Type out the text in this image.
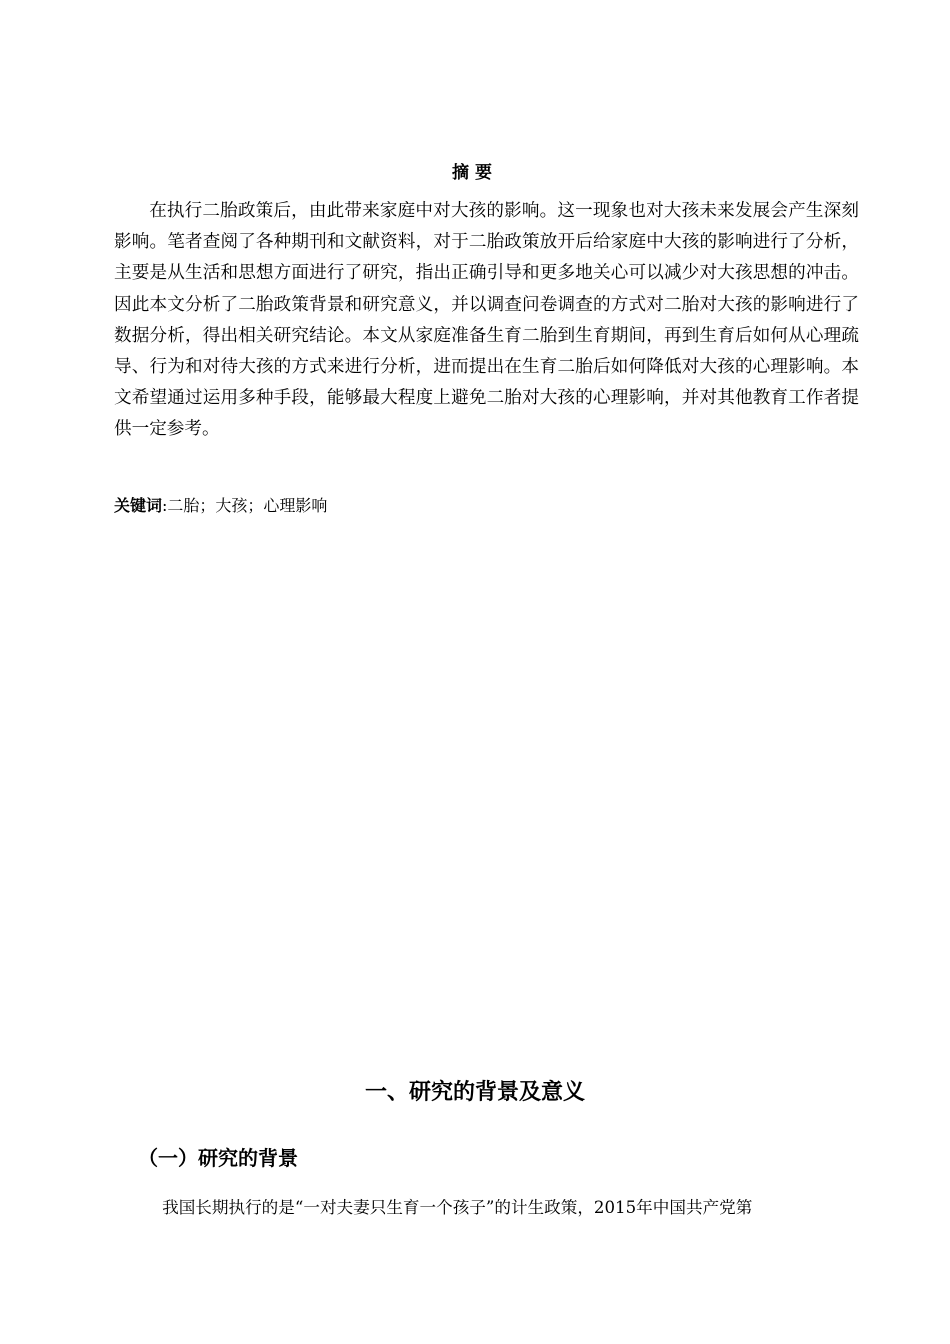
摘要

在执行二胎政策后，由此带来家庭中对大孩的影响。这一现象也对大孩未来发展会产生深刻影响。笔者查阅了各种期刊和文献资料，对于二胎政策放开后给家庭中大孩的影响进行了分析，主要是从生活和思想方面进行了研究，指出正确引导和更多地关心可以减少对大孩思想的冲击。因此本文分析了二胎政策背景和研究意义，并以调查问卷调查的方式对二胎对大孩的影响进行了数据分析，得出相关研究结论。本文从家庭准备生育二胎到生育期间，再到生育后如何从心理疏导、行为和对待大孩的方式来进行分析，进而提出在生育二胎后如何降低对大孩的心理影响。本文希望通过运用多种手段，能够最大程度上避免二胎对大孩的心理影响，并对其他教育工作者提供一定参考。

关键词:二胎；大孩；心理影响
一、研究的背景及意义
（一）研究的背景

我国长期执行的是“一对夫妻只生育一个孩子”的计生政策，2015年中国共产党第
